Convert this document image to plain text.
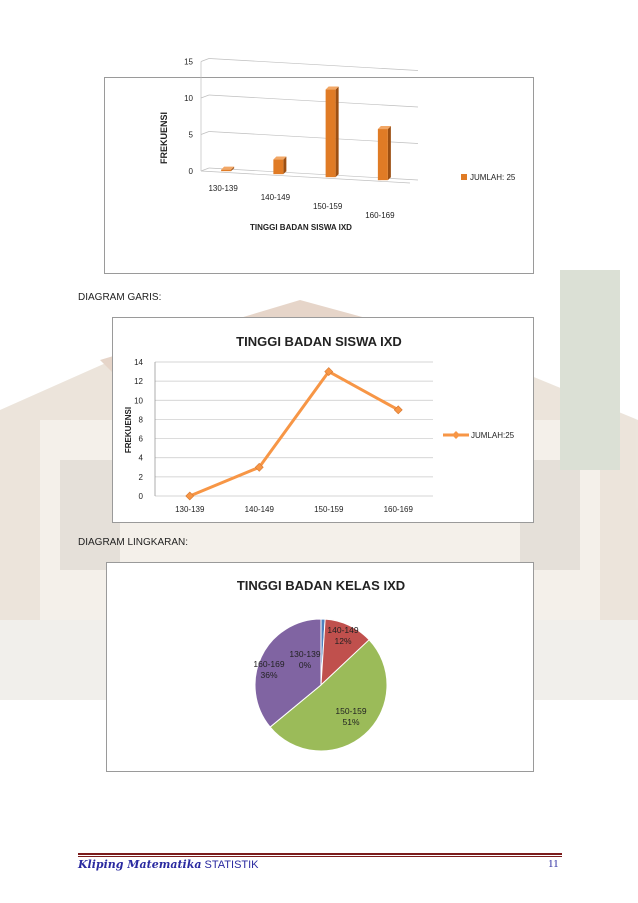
0
5
10
15
130-139
140-149
150-159
160-169
FREKUENSI
TINGGI BADAN SISWA IXD
JUMLAH: 25
DIAGRAM GARIS:
TINGGI BADAN SISWA IXD
0
2
4
6
8
10
12
14
130-139	140-149	150-159	160-169
FREKUENSI	JUMLAH:25
DIAGRAM LINGKARAN:
TINGGI BADAN KELAS IXD
130-139
0%
140-149
12%
150-159
51%
160-169
36%
Kliping Matematika STATISTIK	11
